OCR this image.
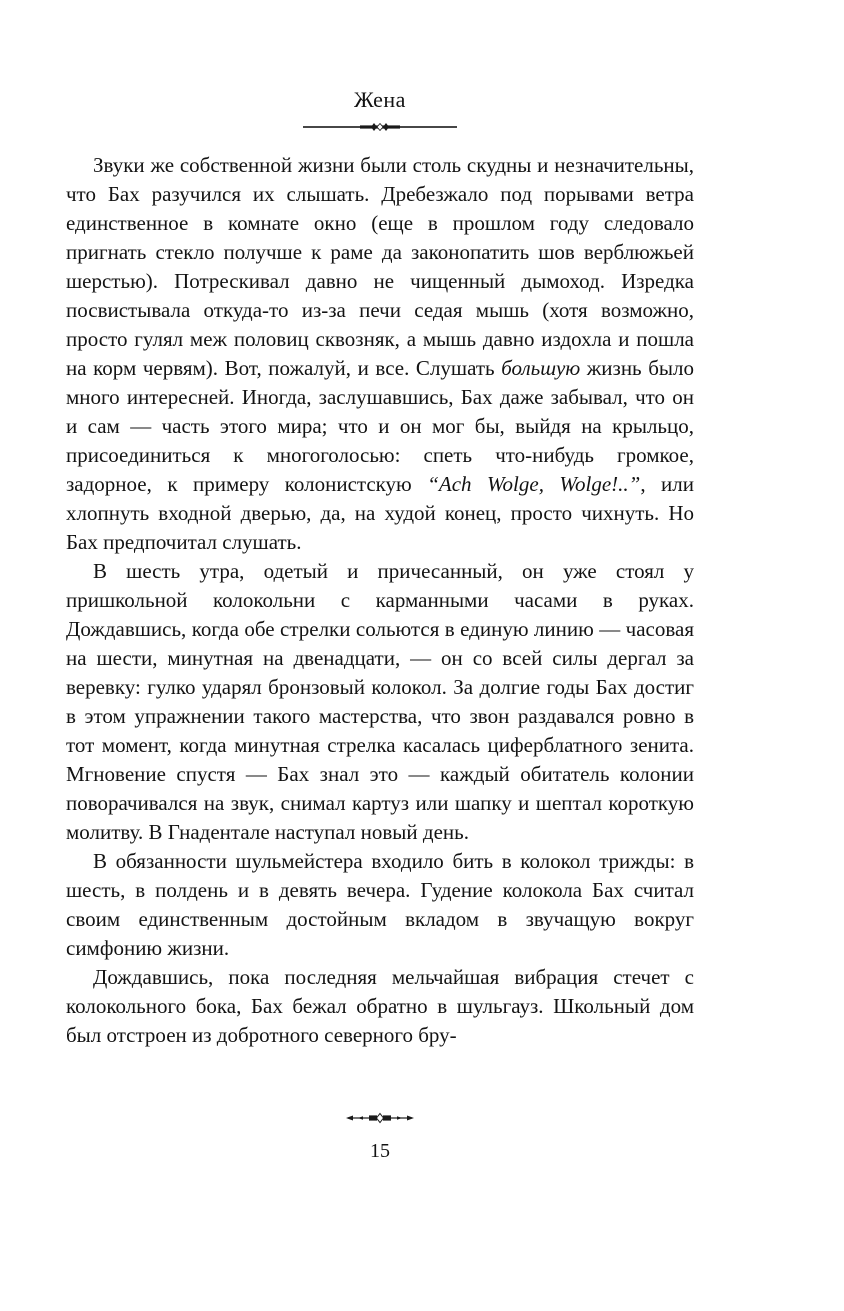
Жена

Звуки же собственной жизни были столь скудны и незначительны, что Бах разучился их слышать. Дребезжало под порывами ветра единственное в комнате окно (еще в прошлом году следовало пригнать стекло получше к раме да законопатить шов верблюжьей шерстью). Потрескивал давно не чищенный дымоход. Изредка посвистывала откуда-то из-за печи седая мышь (хотя возможно, просто гулял меж половиц сквозняк, а мышь давно издохла и пошла на корм червям). Вот, пожалуй, и все. Слушать большую жизнь было много интересней. Иногда, заслушавшись, Бах даже забывал, что он и сам — часть этого мира; что и он мог бы, выйдя на крыльцо, присоединиться к многоголосью: спеть что-нибудь громкое, задорное, к примеру колонистскую “Ach Wolge, Wolge!..”, или хлопнуть входной дверью, да, на худой конец, просто чихнуть. Но Бах предпочитал слушать.

В шесть утра, одетый и причесанный, он уже стоял у пришкольной колокольни с карманными часами в руках. Дождавшись, когда обе стрелки сольются в единую линию — часовая на шести, минутная на двенадцати, — он со всей силы дергал за веревку: гулко ударял бронзовый колокол. За долгие годы Бах достиг в этом упражнении такого мастерства, что звон раздавался ровно в тот момент, когда минутная стрелка касалась циферблатного зенита. Мгновение спустя — Бах знал это — каждый обитатель колонии поворачивался на звук, снимал картуз или шапку и шептал короткую молитву. В Гнадентале наступал новый день.

В обязанности шульмейстера входило бить в колокол трижды: в шесть, в полдень и в девять вечера. Гудение колокола Бах считал своим единственным достойным вкладом в звучащую вокруг симфонию жизни.

Дождавшись, пока последняя мельчайшая вибрация стечет с колокольного бока, Бах бежал обратно в шульгауз. Школьный дом был отстроен из добротного северного бру-

15
